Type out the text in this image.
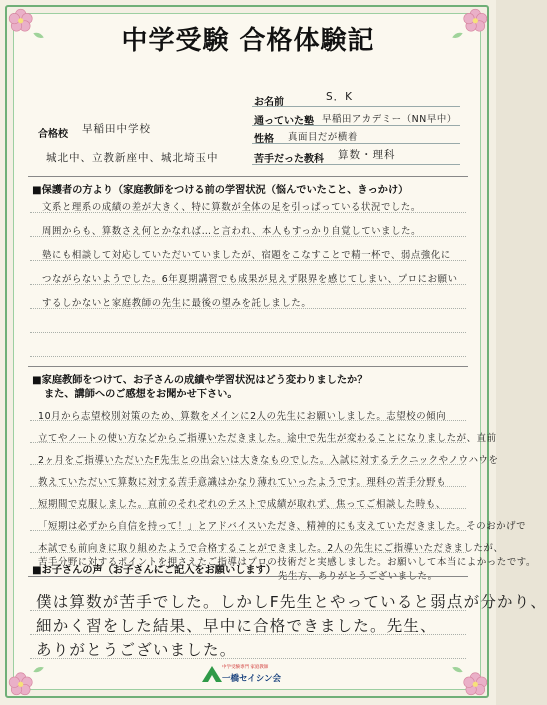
中学受験 合格体験記
合格校 早稲田中学校
城北中、立教新座中、城北埼玉中
お名前	S．K
通っていた塾 早稲田アカデミー（NN早中）
性格 真面目だが横着
苦手だった教科 算数・理科
■保護者の方より（家庭教師をつける前の学習状況（悩んでいたこと、きっかけ）
文系と理系の成績の差が大きく、特に算数が全体の足を引っぱっている状況でした。
周囲からも、算数さえ何とかなれば…と言われ、本人もすっかり自覚していました。
塾にも相談して対応していただいていましたが、宿題をこなすことで精一杯で、弱点強化に
つながらないようでした。6年夏期講習でも成果が見えず限界を感じてしまい、プロにお願い
するしかないと家庭教師の先生に最後の望みを託しました。
■家庭教師をつけて、お子さんの成績や学習状況はどう変わりましたか？
また、講師へのご感想をお聞かせ下さい。
10月から志望校別対策のため、算数をメインに2人の先生にお願いしました。志望校の傾向
立てやノートの使い方などからご指導いただきました。途中で先生が変わることになりましたが、直前
2ヶ月をご指導いただいたF先生との出会いは大きなものでした。入試に対するテクニックやノウハウを
教えていただいて算数に対する苦手意識はかなり薄れていったようです。理科の苦手分野も
短期間で克服しました。直前のそれぞれのテストで成績が取れず、焦ってご相談した時も、
「短期は必ずから自信を持って！」とアドバイスいただき、精神的にも支えていただきました。そのおかげで
本試でも前向きに取り組めたようで合格することができました。2人の先生にご指導いただきましたが、
苦手分野に対するポイントを押さえたご指導はプロの技術だと実感しました。お願いして本当によかったです。
先生方、ありがとうございました。
■お子さんの声（お子さんにご記入をお願いします）
僕は算数が苦手でした。しかしF先生とやっていると弱点が分かり、
細かく習をした結果、早中に合格できました。先生、
ありがとうございました。
中学受験専門 家庭教師
一橋セイシン会
